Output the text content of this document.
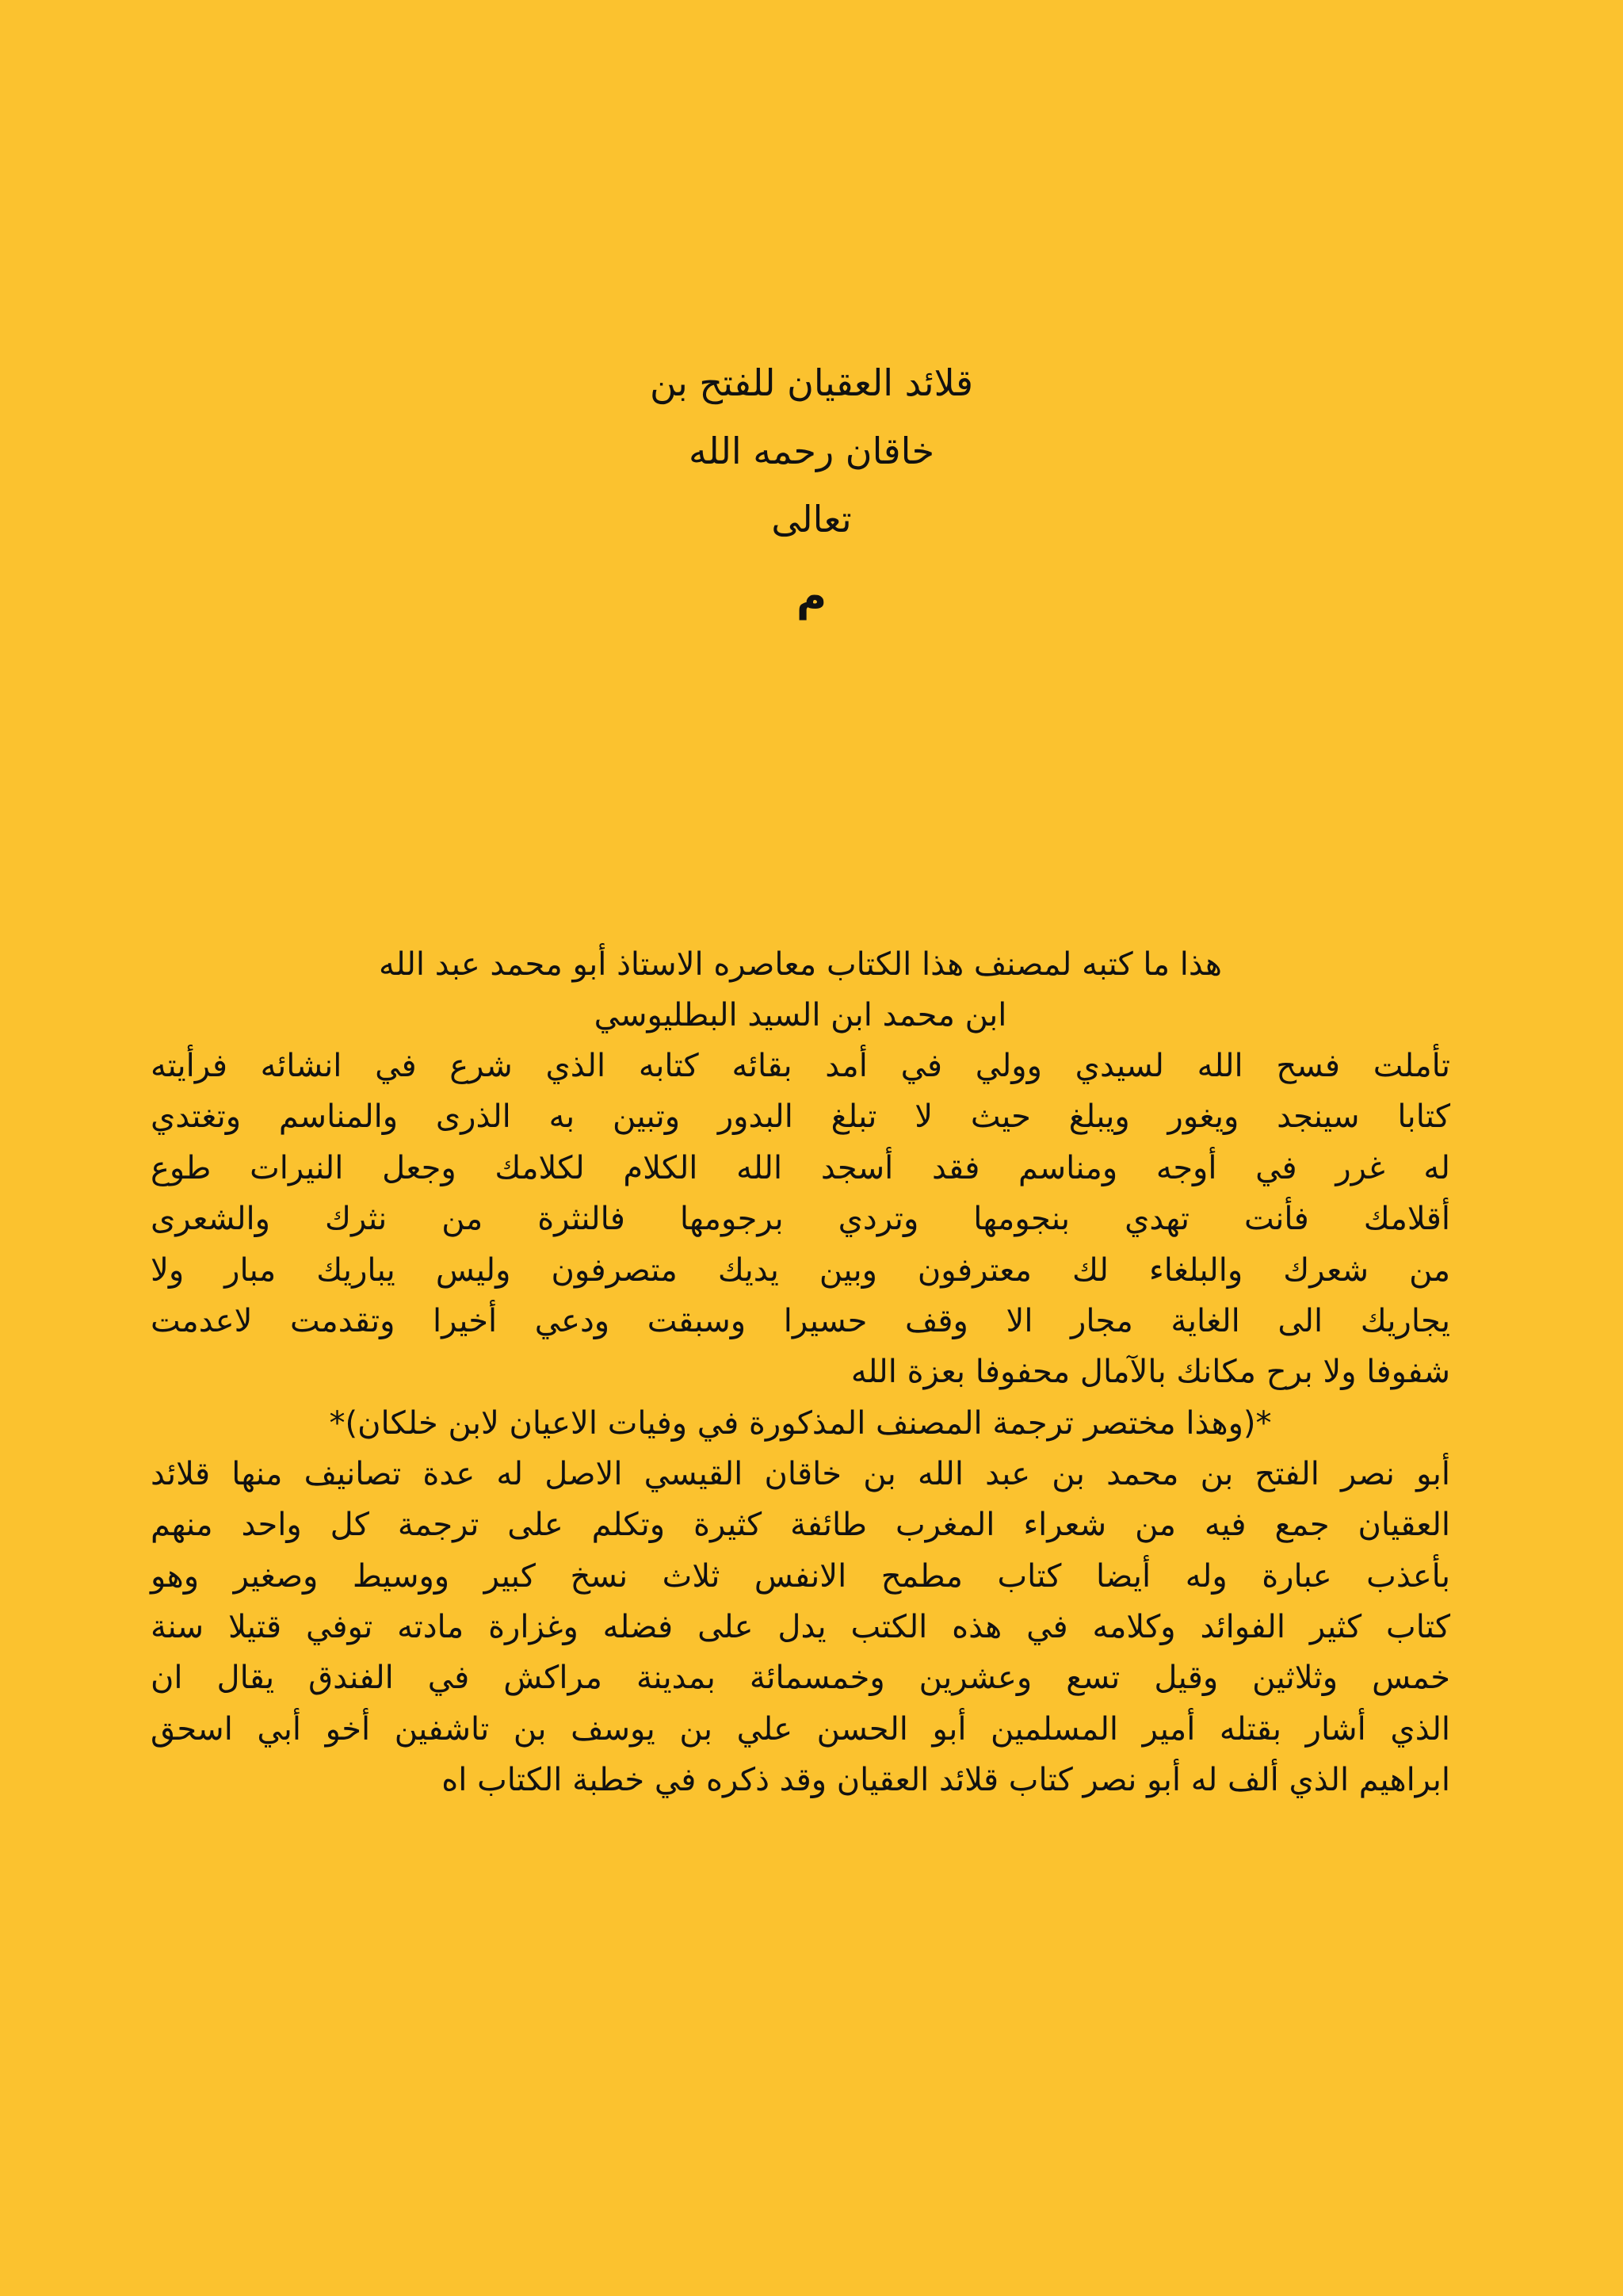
قلائد العقيان للفتح بن
خاقان رحمه الله
تعالى
م
هذا ما كتبه لمصنف هذا الكتاب معاصره الاستاذ أبو محمد عبد الله
ابن محمد ابن السيد البطليوسي
تأملت فسح الله لسيدي وولي في أمد بقائه كتابه الذي شرع في انشائه فرأيته
كتابا سينجد ويغور ويبلغ حيث لا تبلغ البدور وتبين به الذرى والمناسم وتغتدي
له غرر في أوجه ومناسم فقد أسجد الله الكلام لكلامك وجعل النيرات طوع
أقلامك فأنت تهدي بنجومها وتردي برجومها فالنثرة من نثرك والشعرى
من شعرك والبلغاء لك معترفون وبين يديك متصرفون وليس يباريك مبار ولا
يجاريك الى الغاية مجار الا وقف حسيرا وسبقت ودعي أخيرا وتقدمت لاعدمت
شفوفا ولا برح مكانك بالآمال محفوفا بعزة الله
*(وهذا مختصر ترجمة المصنف المذكورة في وفيات الاعيان لابن خلكان)*
أبو نصر الفتح بن محمد بن عبد الله بن خاقان القيسي الاصل له عدة تصانيف منها قلائد
العقيان جمع فيه من شعراء المغرب طائفة كثيرة وتكلم على ترجمة كل واحد منهم
بأعذب عبارة وله أيضا كتاب مطمح الانفس ثلاث نسخ كبير ووسيط وصغير وهو
كتاب كثير الفوائد وكلامه في هذه الكتب يدل على فضله وغزارة مادته توفي قتيلا سنة
خمس وثلاثين وقيل تسع وعشرين وخمسمائة بمدينة مراكش في الفندق يقال ان
الذي أشار بقتله أمير المسلمين أبو الحسن علي بن يوسف بن تاشفين أخو أبي اسحق
ابراهيم الذي ألف له أبو نصر كتاب قلائد العقيان وقد ذكره في خطبة الكتاب اه
